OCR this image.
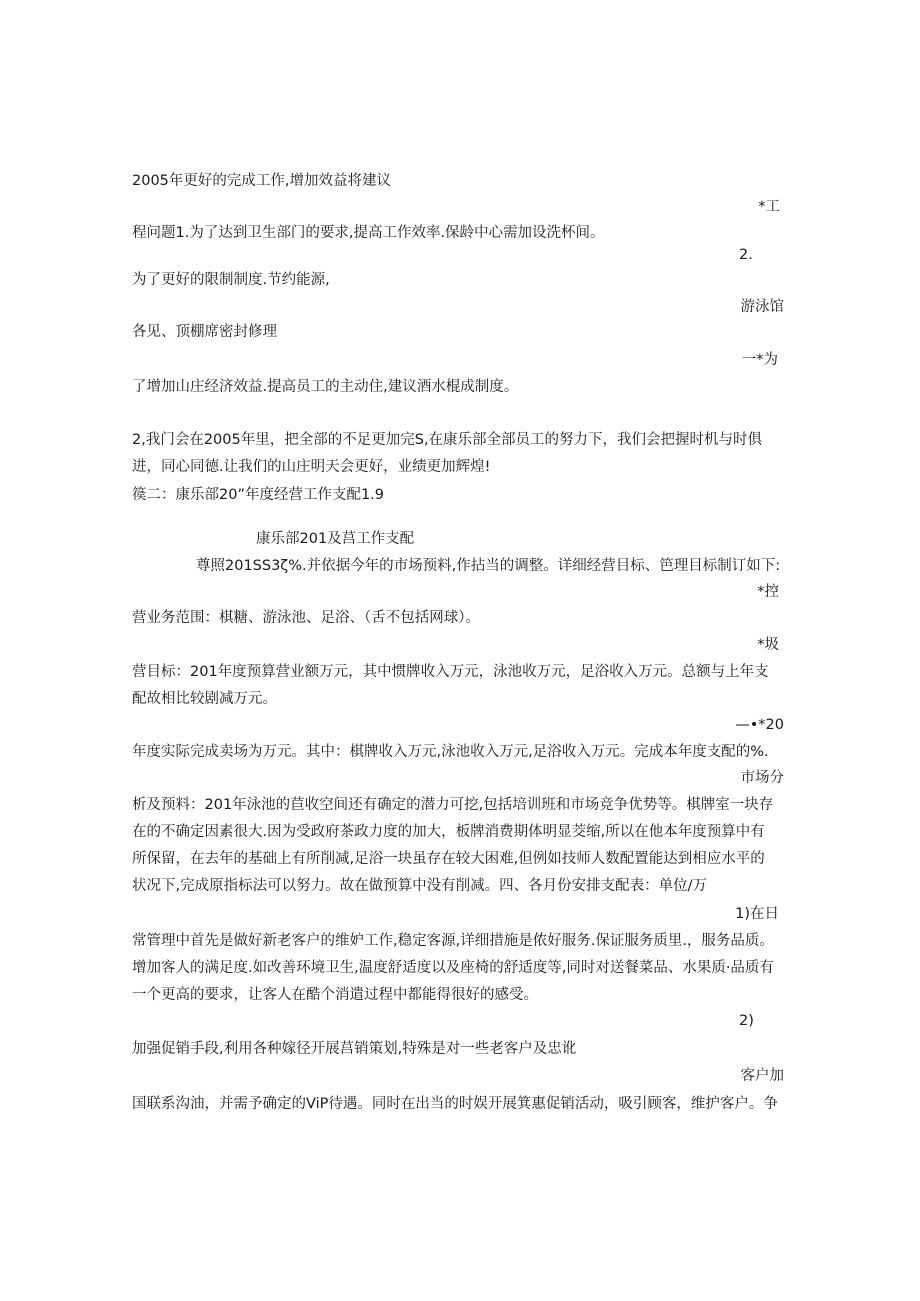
2005年更好的完成工作,增加效益将建议

*工

程问题1.为了达到卫生部门的要求,提高工作效率.保龄中心需加设洗杯间。

2.

为了更好的限制制度.节约能源,

游泳馆

各见、顶棚席密封修理

一*为

了增加山庄经济效益.提高员工的主动住,建议酒水棍成制度。

2,我门会在2005年里，把全部的不足更加完S,在康乐部全部员工的努力下，我们会把握时机与时俱

进，同心同德.让我们的山庄明天会更好，业绩更加辉煌!

篌二：康乐部20”年度经营工作支配1.9

康乐部201及莒工作支配

尊照201SS3ζ%.并依据今年的市场预料,作拈当的调整。详细经营目标、笆理目标制订如下:

*控

营业务范围：棋糖、游泳池、足浴、（舌不包括网球）。

*圾

营目标：201年度预算营业额万元，其中惯牌收入万元，泳池收万元，足浴收入万元。总额与上年支

配故相比较剧减万元。

—•*20

年度实际完成卖场为万元。其中：棋牌收入万元,泳池收入万元,足浴收入万元。完成本年度支配的%.

市场分

析及预料：201年泳池的苣收空间还有确定的潜力可挖,包括培训班和市场竞争优势等。棋牌室一块存

在的不确定因素很大.因为受政府茶政力度的加大，板牌消费期体明显茭缩,所以在他本年度预算中有

所保留，在去年的基础上有所削减,足浴一块虽存在较大困难,但例如技师人数配置能达到相应水平的

状况下,完成原指标法可以努力。故在做预算中没有削减。四、各月份安排支配表：单位/万

1)在日

常管理中首先是做好新老客户的维妒工作,稳定客源,详细措施是侬好服务.保证服务质里.，服务品质。

增加客人的满足度.如改善环境卫生,温度舒适度以及座椅的舒适度等,同时对送餐菜品、水果质·品质有

一个更高的要求，让客人在酷个消遣过程中都能得很好的感受。

2)

加强促销手段,利用各种嫁径开展莒销策划,特殊是对一些老客户及忠讹

客户加

国联系沟油，并需予确定的ViP待遇。同时在出当的时娱开展箕惠促销活动，吸引顾客，维护客户。争
